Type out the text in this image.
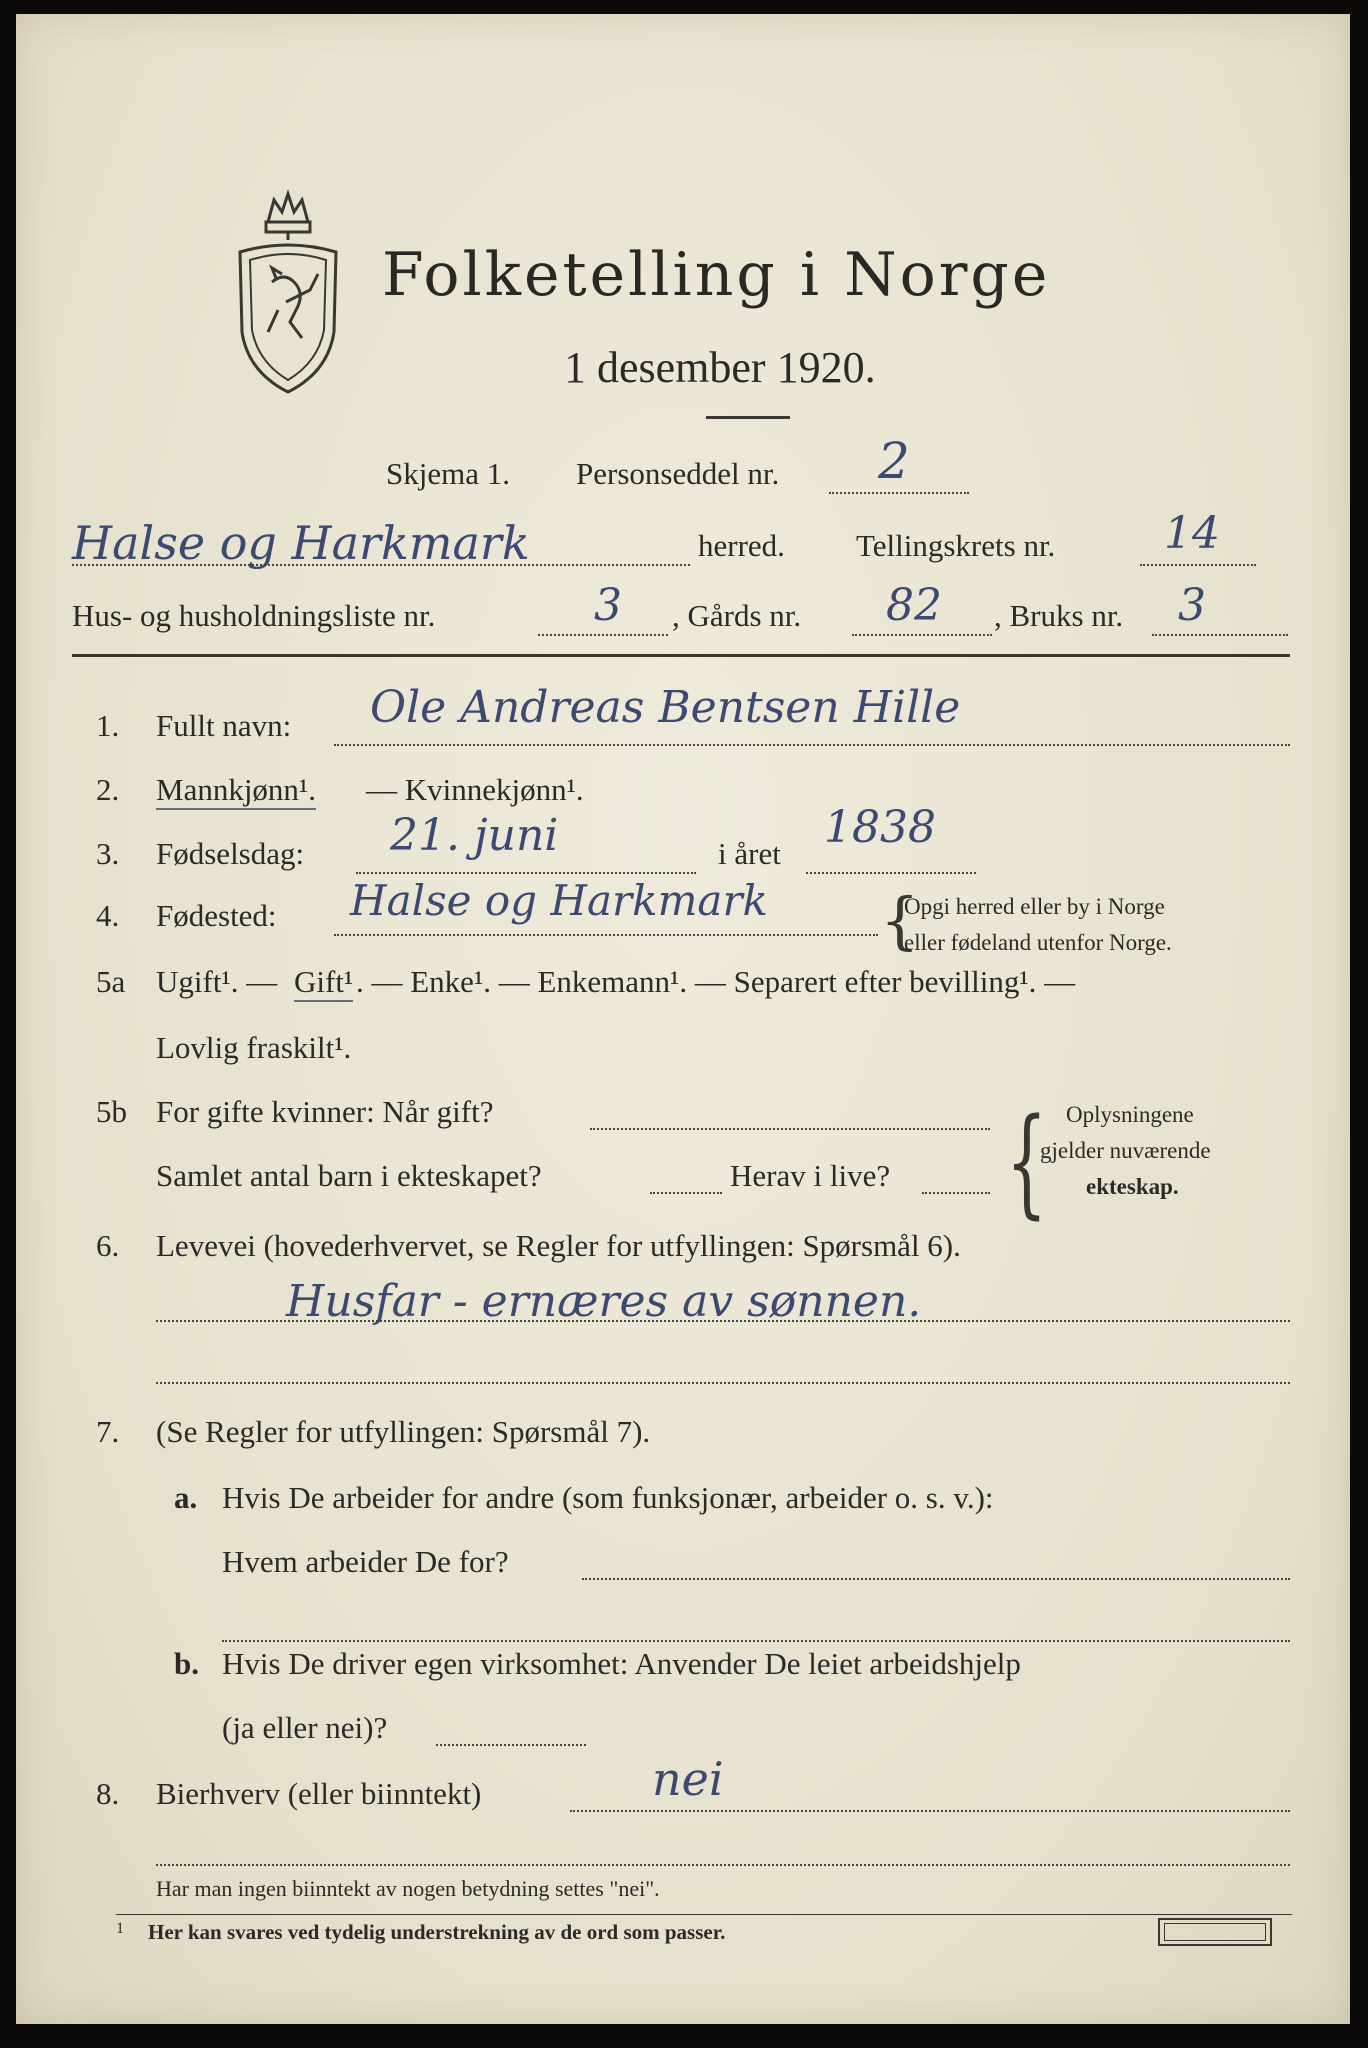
Folketelling i Norge
1 desember 1920.
Skjema 1. Personseddel nr. 2
Halse og Harkmark	herred. Tellingskrets nr. 14
Hus- og husholdningsliste nr.	3 , Gårds nr. 82 , Bruks nr. 3
1. Fullt navn: Ole Andreas Bentsen Hille
2. Mannkjønn¹. — Kvinnekjønn¹.
3. Fødselsdag: 21. juni	i året
1838
4. Fødested: Halse og Harkmark {
Opgi herred eller by i Norge
eller fødeland utenfor Norge.
5a Ugift¹. — Gift¹ . — Enke¹. — Enkemann¹. — Separert efter bevilling¹. —
Lovlig fraskilt¹.
5b For gifte kvinner: Når gift?
Samlet antal barn i ekteskapet?	Herav i live? { Oplysningene
gjelder nuværende
ekteskap.
6. Levevei (hovederhvervet, se Regler for utfyllingen: Spørsmål 6).
Husfar - ernæres av sønnen.
7. (Se Regler for utfyllingen: Spørsmål 7).
a. Hvis De arbeider for andre (som funksjonær, arbeider o. s. v.):
Hvem arbeider De for?
b. Hvis De driver egen virksomhet: Anvender De leiet arbeidshjelp
(ja eller nei)?
8. Bierhverv (eller biinntekt)	nei
Har man ingen biinntekt av nogen betydning settes "nei".
1 Her kan svares ved tydelig understrekning av de ord som passer.
